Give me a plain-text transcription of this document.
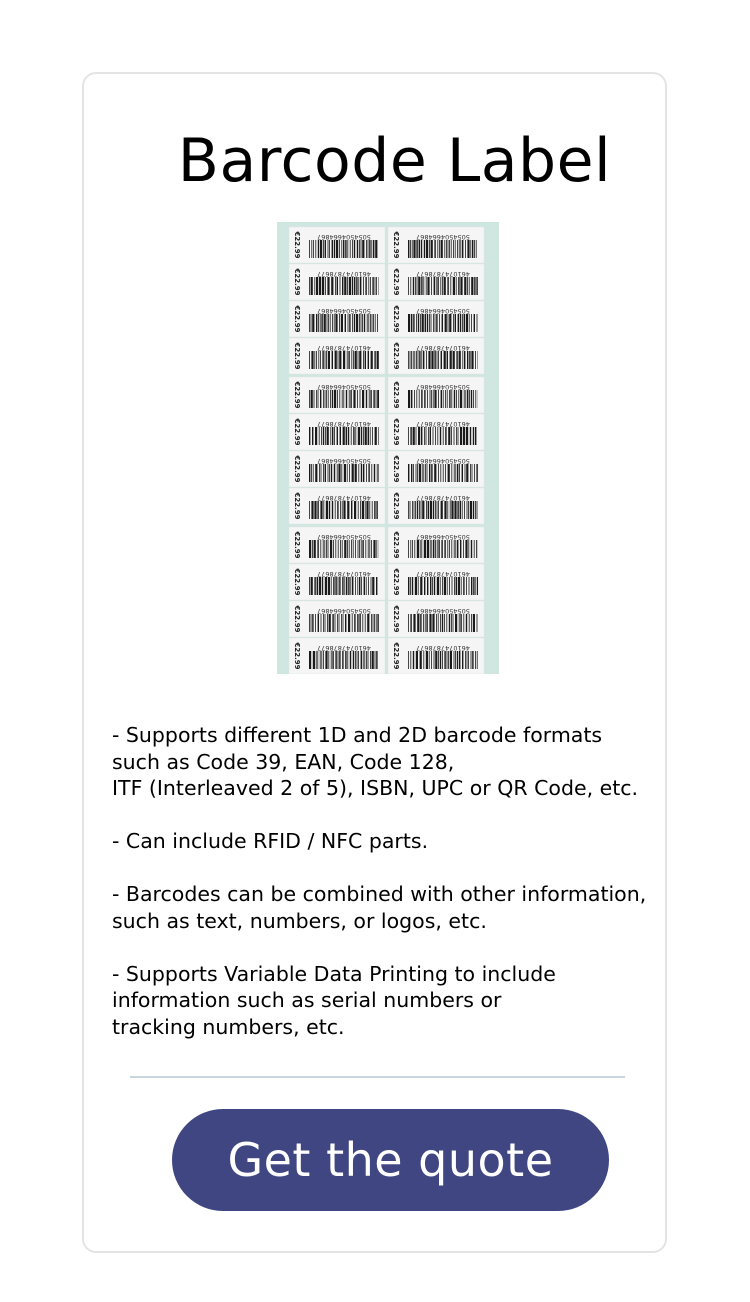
Barcode Label
€22.99 5054504664867	€22.99 5054504664867
€22.99 4610747878677	€22.99 4610747878677
€22.99 5054504664867	€22.99 5054504664867
€22.99 4610747878677	€22.99 4610747878677
€22.99 5054504664867	€22.99 5054504664867
€22.99 4610747878677	€22.99 4610747878677
€22.99 5054504664867	€22.99 5054504664867
€22.99 4610747878677	€22.99 4610747878677
€22.99 5054504664867	€22.99 5054504664867
€22.99 4610747878677	€22.99 4610747878677
€22.99 5054504664867	€22.99 5054504664867
€22.99 4610747878677	€22.99 4610747878677

- Supports different 1D and 2D barcode formats
such as Code 39, EAN, Code 128,
ITF (Interleaved 2 of 5), ISBN, UPC or QR Code, etc.

- Can include RFID / NFC parts.

- Barcodes can be combined with other information,
such as text, numbers, or logos, etc.

- Supports Variable Data Printing to include
information such as serial numbers or
tracking numbers, etc.

Get the quote
